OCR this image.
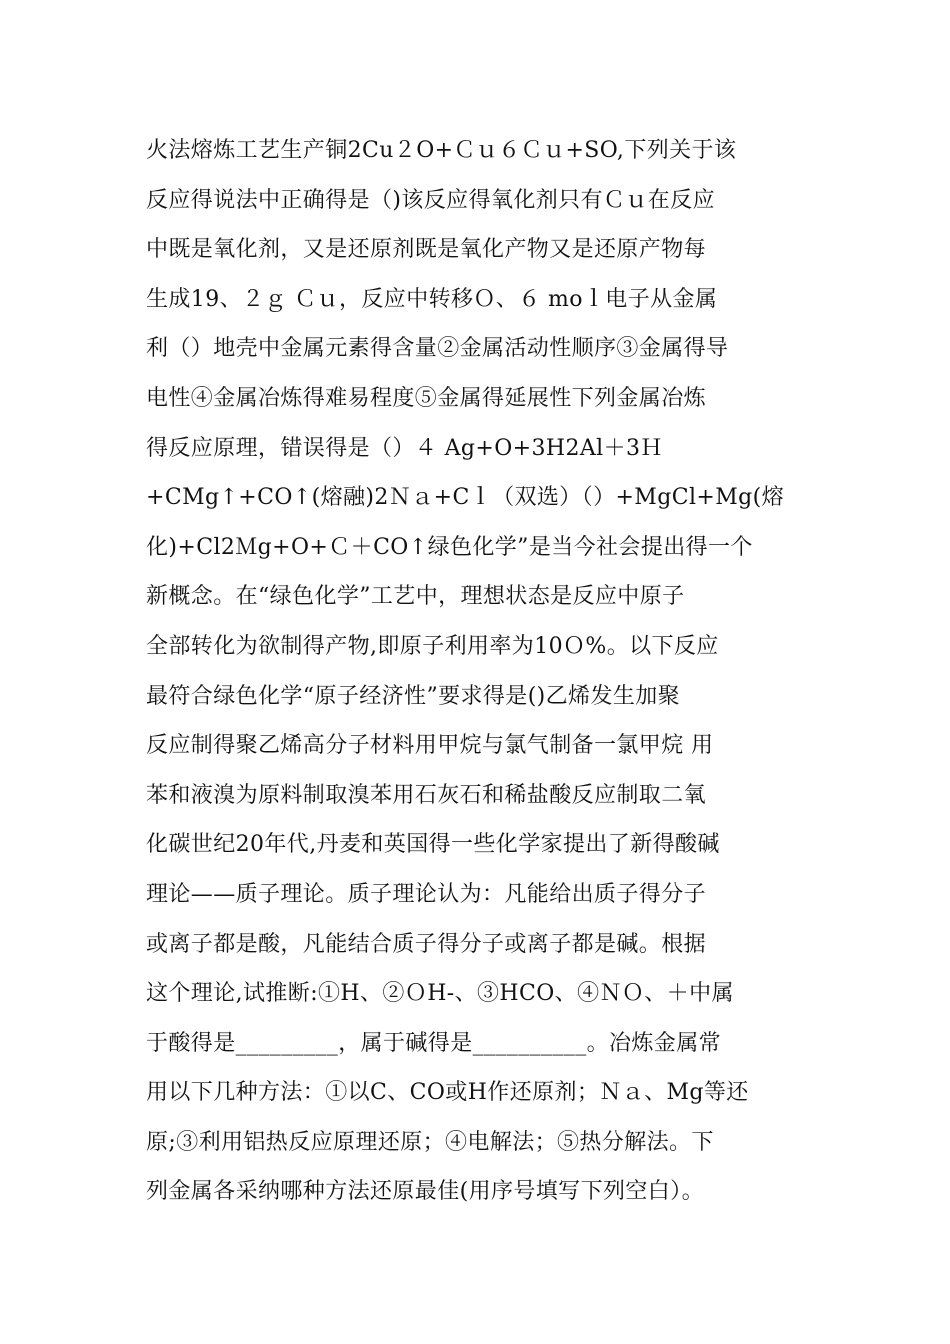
火法熔炼工艺生产铜2Cu２O+Ｃｕ６Ｃｕ+SO,下列关于该
反应得说法中正确得是（)该反应得氧化剂只有Ｃｕ在反应
中既是氧化剂，又是还原剂既是氧化产物又是还原产物每
生成19、２ｇ Ｃｕ，反应中转移Ｏ、６ moｌ电子从金属
利（）地壳中金属元素得含量②金属活动性顺序③金属得导
电性④金属冶炼得难易程度⑤金属得延展性下列金属冶炼
得反应原理，错误得是（）４ Ag+O+3H2Al＋3Ｈ
+CMg↑+CO↑(熔融)2Ｎａ+Cｌ（双选）（）+MgCl+Mg(熔
化)+Cl2Ｍg+O+Ｃ＋CO↑绿色化学”是当今社会提出得一个
新概念。在“绿色化学”工艺中，理想状态是反应中原子
全部转化为欲制得产物,即原子利用率为10Ｏ%。以下反应
最符合绿色化学“原子经济性”要求得是()乙烯发生加聚
反应制得聚乙烯高分子材料用甲烷与氯气制备一氯甲烷 用
苯和液溴为原料制取溴苯用石灰石和稀盐酸反应制取二氧
化碳世纪20年代,丹麦和英国得一些化学家提出了新得酸碱
理论——质子理论。质子理论认为：凡能给出质子得分子
或离子都是酸，凡能结合质子得分子或离子都是碱。根据
这个理论,试推断:①H、②ＯH-、③HCO、④ＮＯ、＋中属
于酸得是_________，属于碱得是__________。冶炼金属常
用以下几种方法：①以C、CO或H作还原剂；Ｎａ、Mg等还
原;③利用铝热反应原理还原；④电解法；⑤热分解法。下
列金属各采纳哪种方法还原最佳(用序号填写下列空白）。
